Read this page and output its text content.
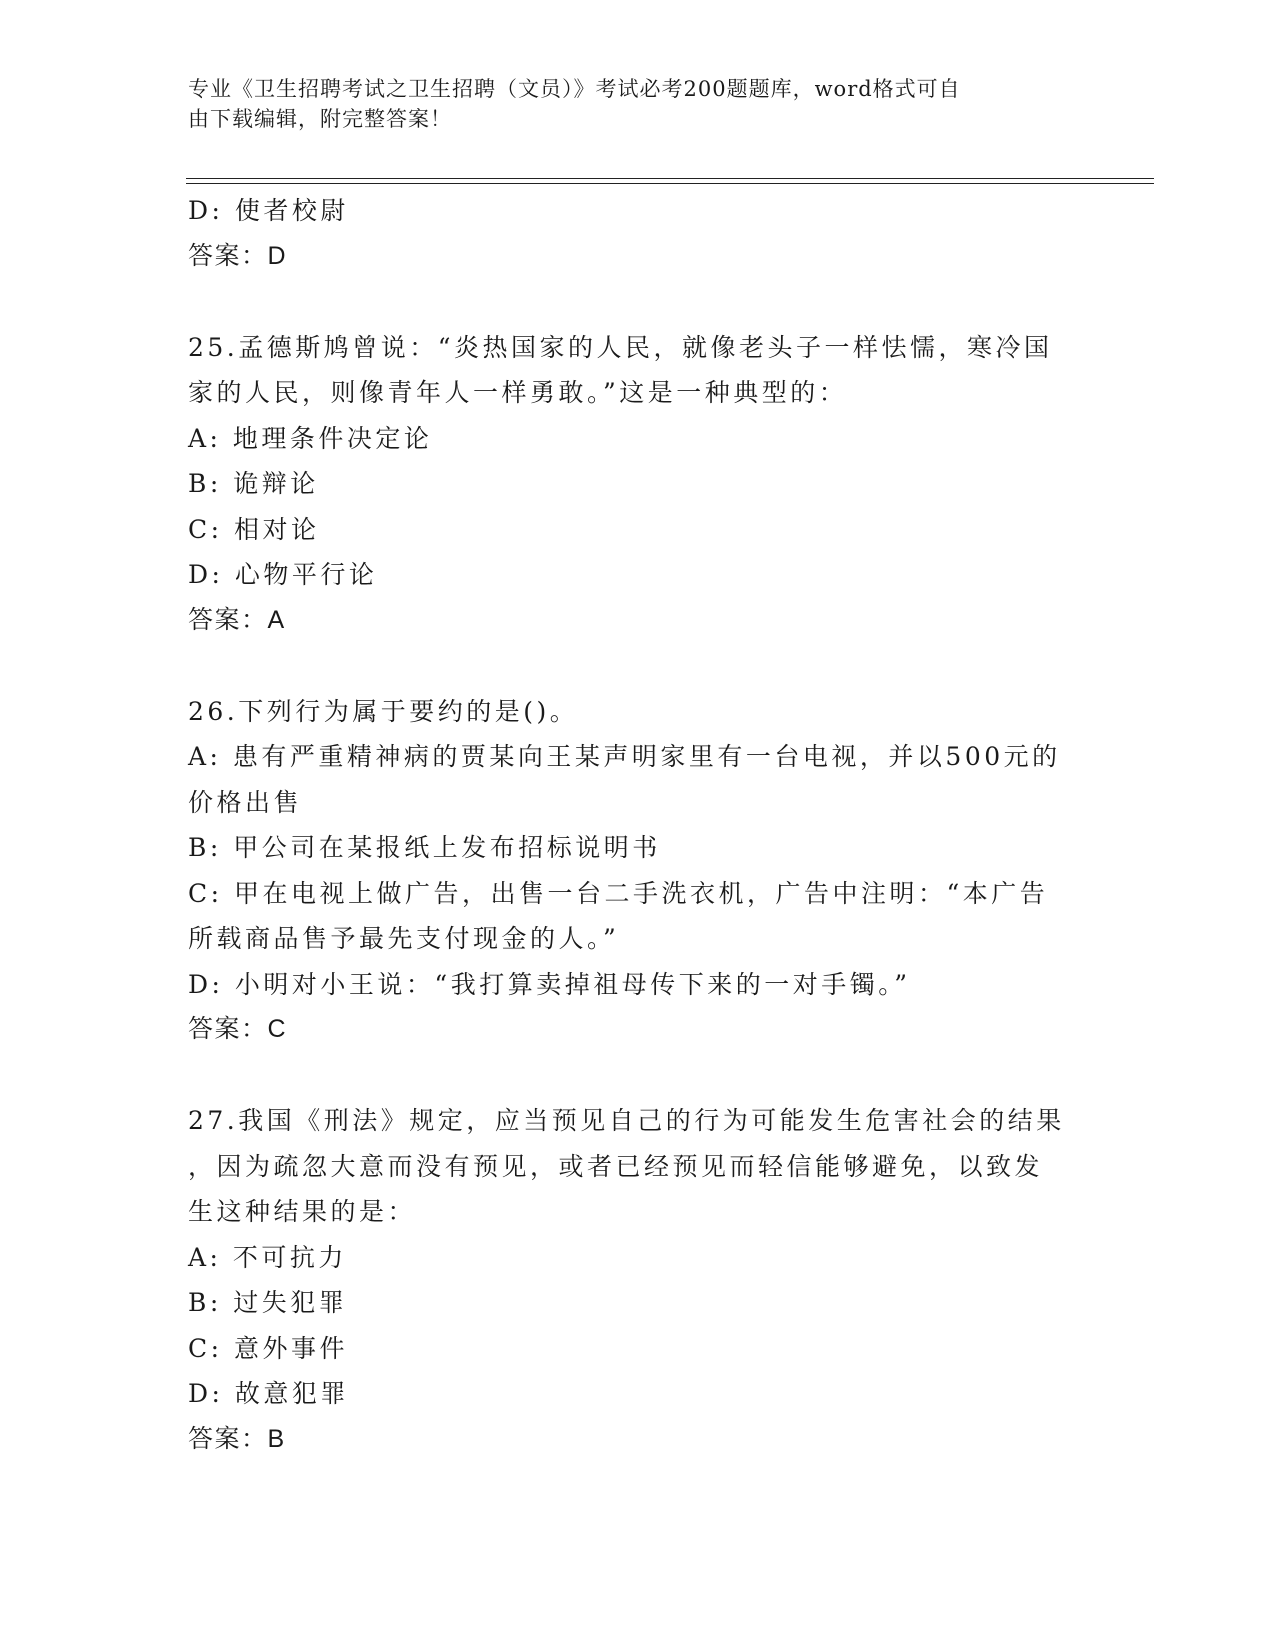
专业《卫生招聘考试之卫生招聘（文员）》考试必考200题题库，word格式可自
由下载编辑，附完整答案！
D: 使者校尉
答案：D
25.孟德斯鸠曾说：“炎热国家的人民，就像老头子一样怯懦，寒冷国
家的人民，则像青年人一样勇敢。”这是一种典型的：
A: 地理条件决定论
B: 诡辩论
C: 相对论
D: 心物平行论
答案：A
26.下列行为属于要约的是()。
A: 患有严重精神病的贾某向王某声明家里有一台电视，并以500元的
价格出售
B: 甲公司在某报纸上发布招标说明书
C: 甲在电视上做广告，出售一台二手洗衣机，广告中注明：“本广告
所载商品售予最先支付现金的人。”
D: 小明对小王说：“我打算卖掉祖母传下来的一对手镯。”
答案：C
27.我国《刑法》规定，应当预见自己的行为可能发生危害社会的结果
，因为疏忽大意而没有预见，或者已经预见而轻信能够避免，以致发
生这种结果的是：
A: 不可抗力
B: 过失犯罪
C: 意外事件
D: 故意犯罪
答案：B
